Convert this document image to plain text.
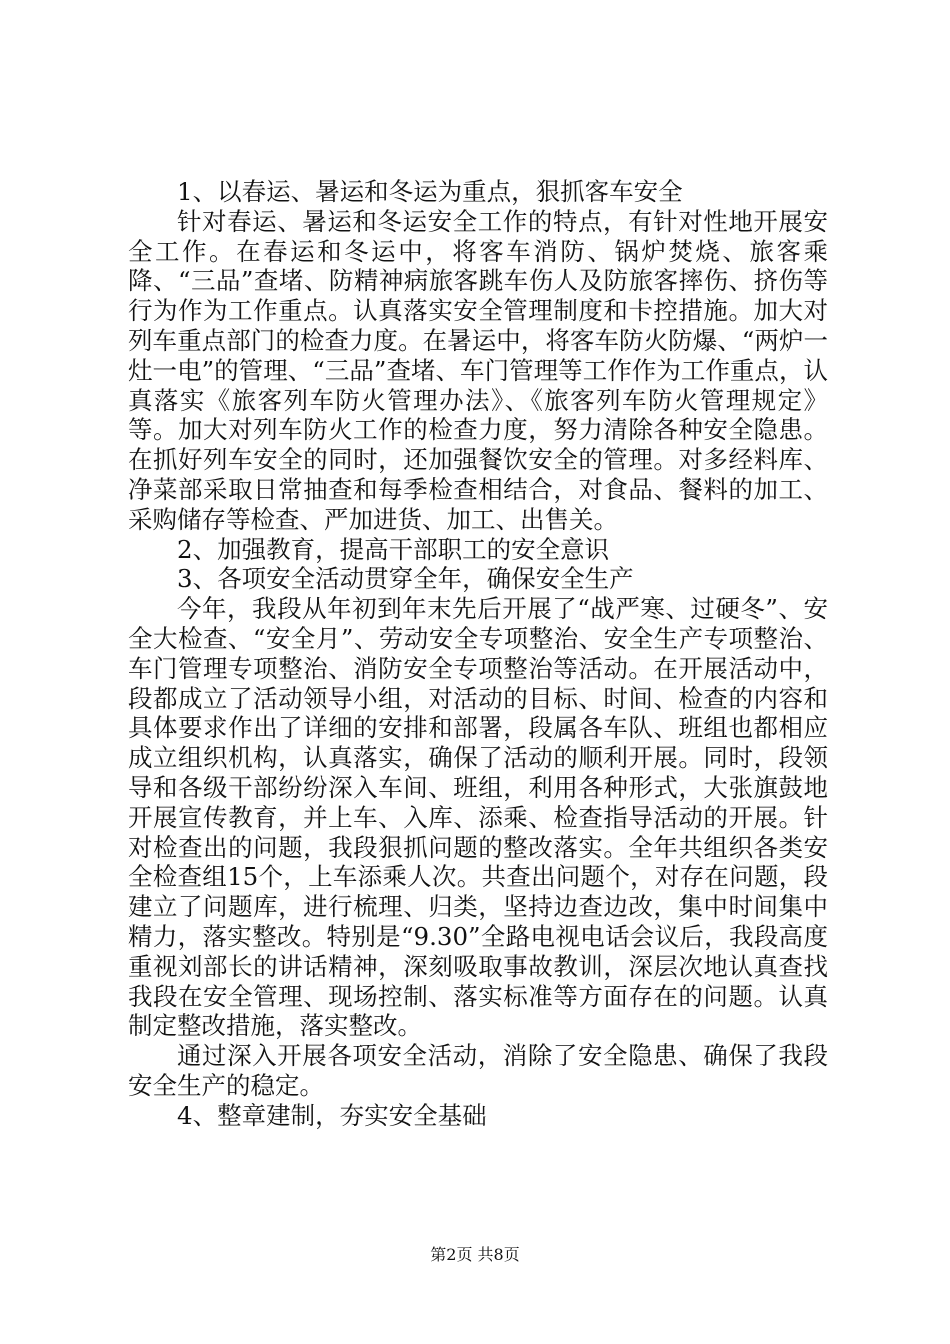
1、以春运、暑运和冬运为重点，狠抓客车安全

针对春运、暑运和冬运安全工作的特点，有针对性地开展安全工作。在春运和冬运中，将客车消防、锅炉焚烧、旅客乘降、“三品”查堵、防精神病旅客跳车伤人及防旅客摔伤、挤伤等行为作为工作重点。认真落实安全管理制度和卡控措施。加大对列车重点部门的检查力度。在暑运中，将客车防火防爆、“两炉一灶一电”的管理、“三品”查堵、车门管理等工作作为工作重点，认真落实《旅客列车防火管理办法》、《旅客列车防火管理规定》等。加大对列车防火工作的检查力度，努力清除各种安全隐患。在抓好列车安全的同时，还加强餐饮安全的管理。对多经料库、净菜部采取日常抽查和每季检查相结合，对食品、餐料的加工、采购储存等检查、严加进货、加工、出售关。

2、加强教育，提高干部职工的安全意识

3、各项安全活动贯穿全年，确保安全生产

今年，我段从年初到年末先后开展了“战严寒、过硬冬”、安全大检查、“安全月”、劳动安全专项整治、安全生产专项整治、车门管理专项整治、消防安全专项整治等活动。在开展活动中，段都成立了活动领导小组，对活动的目标、时间、检查的内容和具体要求作出了详细的安排和部署，段属各车队、班组也都相应成立组织机构，认真落实，确保了活动的顺利开展。同时，段领导和各级干部纷纷深入车间、班组，利用各种形式，大张旗鼓地开展宣传教育，并上车、入库、添乘、检查指导活动的开展。针对检查出的问题，我段狠抓问题的整改落实。全年共组织各类安全检查组15个，上车添乘人次。共查出问题个，对存在问题，段建立了问题库，进行梳理、归类，坚持边查边改，集中时间集中精力，落实整改。特别是“9.30”全路电视电话会议后，我段高度重视刘部长的讲话精神，深刻吸取事故教训，深层次地认真查找我段在安全管理、现场控制、落实标准等方面存在的问题。认真制定整改措施，落实整改。

通过深入开展各项安全活动，消除了安全隐患、确保了我段安全生产的稳定。

4、整章建制，夯实安全基础

第2页 共8页
